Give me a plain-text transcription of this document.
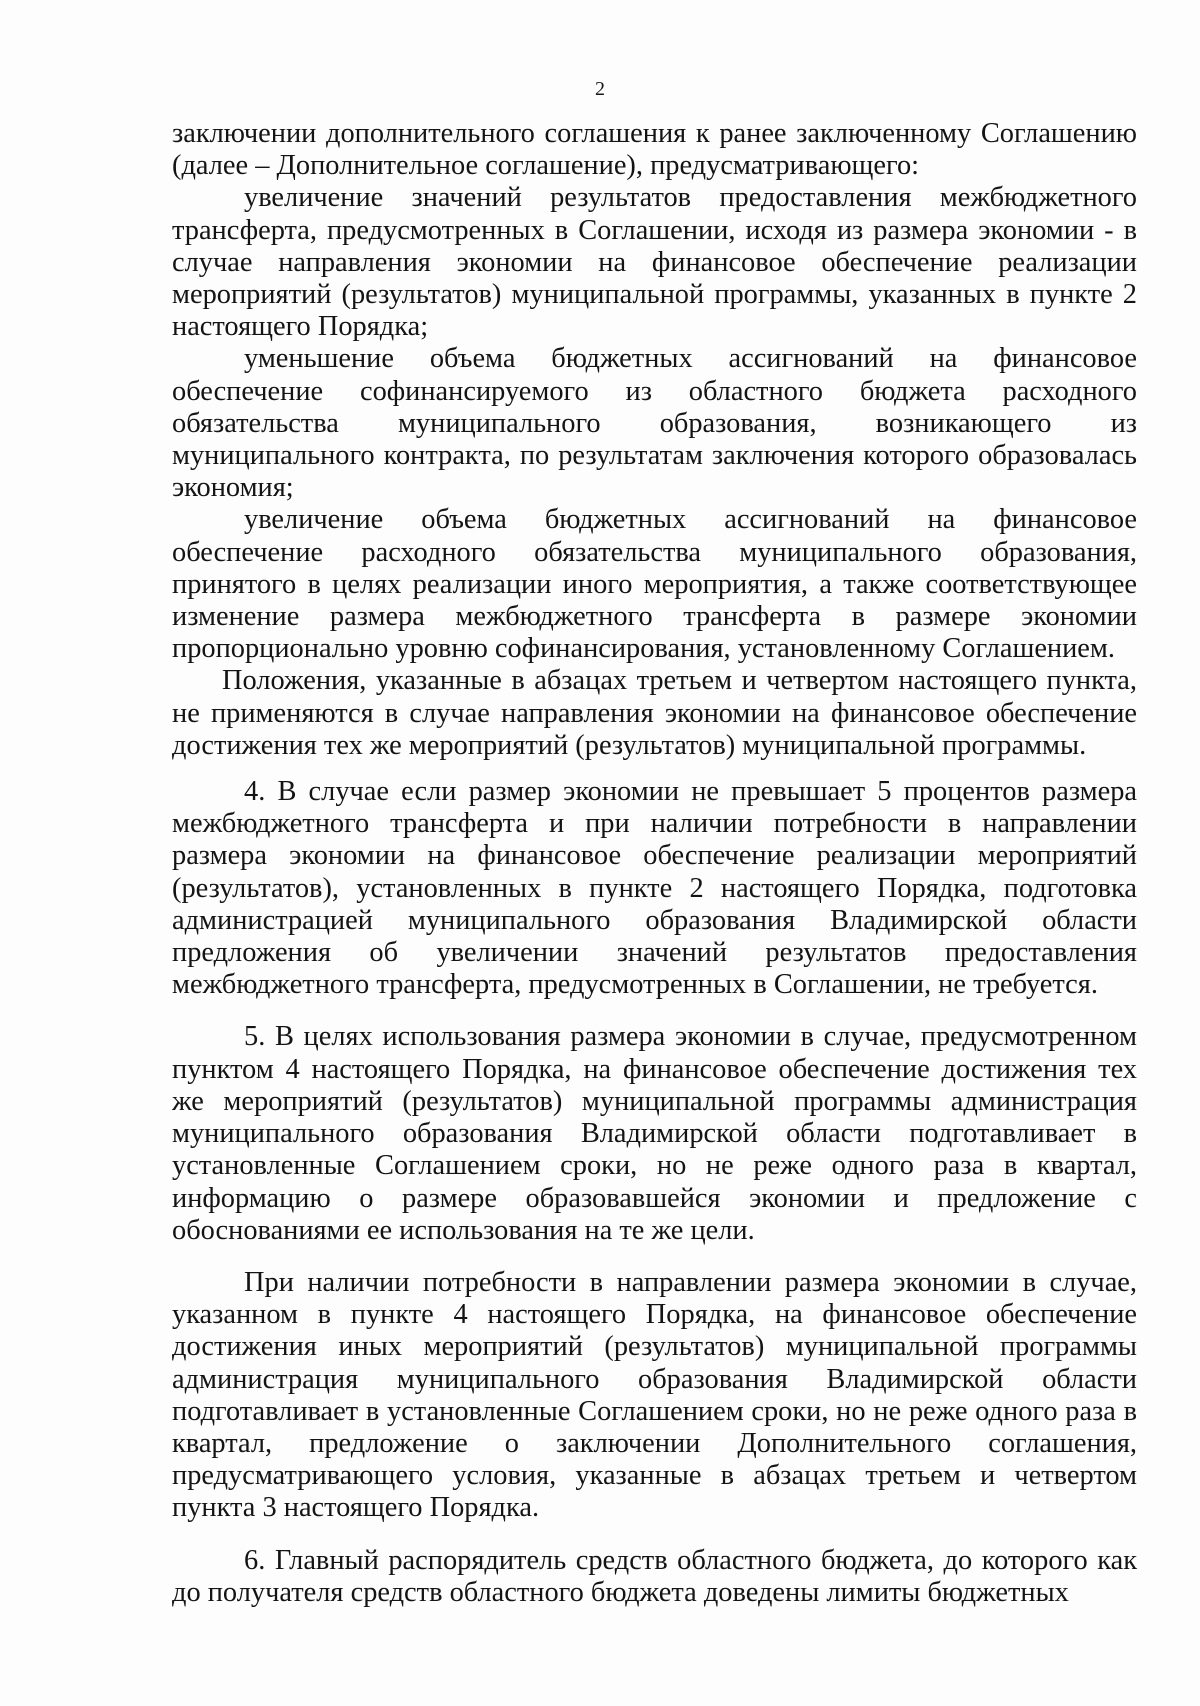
2

заключении дополнительного соглашения к ранее заключенному Соглашению (далее – Дополнительное соглашение), предусматривающего:

увеличение значений результатов предоставления межбюджетного трансферта, предусмотренных в Соглашении, исходя из размера экономии - в случае направления экономии на финансовое обеспечение реализации мероприятий (результатов) муниципальной программы, указанных в пункте 2 настоящего Порядка;

уменьшение объема бюджетных ассигнований на финансовое обеспечение софинансируемого из областного бюджета расходного обязательства муниципального образования, возникающего из муниципального контракта, по результатам заключения которого образовалась экономия;

увеличение объема бюджетных ассигнований на финансовое обеспечение расходного обязательства муниципального образования, принятого в целях реализации иного мероприятия, а также соответствующее изменение размера межбюджетного трансферта в размере экономии пропорционально уровню софинансирования, установленному Соглашением.

Положения, указанные в абзацах третьем и четвертом настоящего пункта, не применяются в случае направления экономии на финансовое обеспечение достижения тех же мероприятий (результатов) муниципальной программы.

4. В случае если размер экономии не превышает 5 процентов размера межбюджетного трансферта и при наличии потребности в направлении размера экономии на финансовое обеспечение реализации мероприятий (результатов), установленных в пункте 2 настоящего Порядка, подготовка администрацией муниципального образования Владимирской области предложения об увеличении значений результатов предоставления межбюджетного трансферта, предусмотренных в Соглашении, не требуется.

5. В целях использования размера экономии в случае, предусмотренном пунктом 4 настоящего Порядка, на финансовое обеспечение достижения тех же мероприятий (результатов) муниципальной программы администрация муниципального образования Владимирской области подготавливает в установленные Соглашением сроки, но не реже одного раза в квартал, информацию о размере образовавшейся экономии и предложение с обоснованиями ее использования на те же цели.

При наличии потребности в направлении размера экономии в случае, указанном в пункте 4 настоящего Порядка, на финансовое обеспечение достижения иных мероприятий (результатов) муниципальной программы администрация муниципального образования Владимирской области подготавливает в установленные Соглашением сроки, но не реже одного раза в квартал, предложение о заключении Дополнительного соглашения, предусматривающего условия, указанные в абзацах третьем и четвертом пункта 3 настоящего Порядка.

6. Главный распорядитель средств областного бюджета, до которого как до получателя средств областного бюджета доведены лимиты бюджетных
